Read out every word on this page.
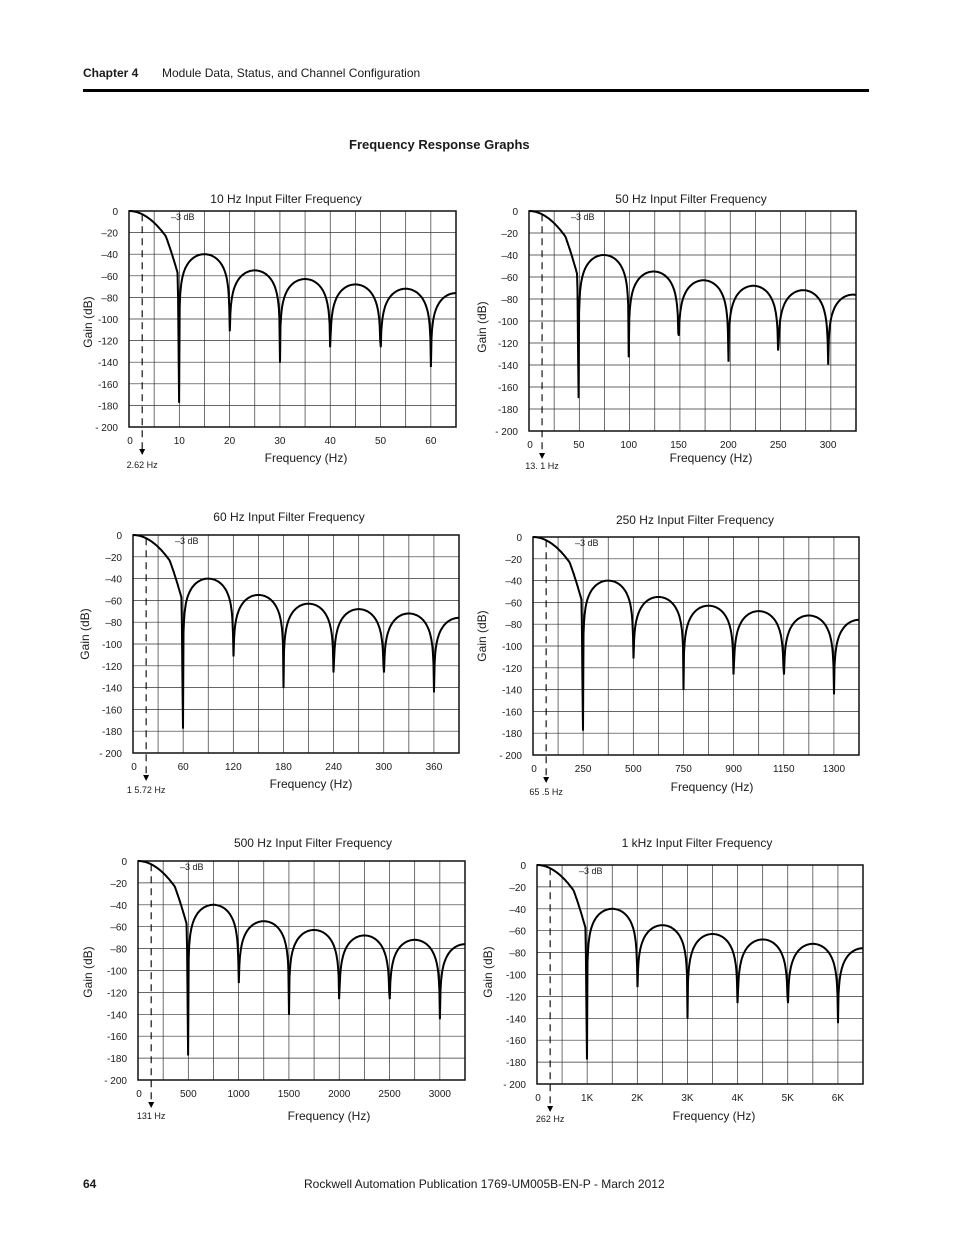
Chapter 4 Module Data, Status, and Channel Configuration
Frequency Response Graphs
10 Hz Input Filter Frequency
0
–20
–40
–60
–80
-100
-120
-140
-160
-180
- 200
0	10	20	30	40	50	60
Frequency (Hz)
Gain (dB)
–3 dB
2.62 Hz
50 Hz Input Filter Frequency
0
–20
–40
–60
–80
-100
-120
-140
-160
-180
- 200
0	50	100	150	200	250	300
Frequency (Hz)
Gain (dB)
–3 dB
13. 1 Hz
60 Hz Input Filter Frequency
0
–20
–40
–60
–80
-100
-120
-140
-160
-180
- 200
0	60	120	180	240	300	360
Frequency (Hz)
Gain (dB)
–3 dB
1 5.72 Hz
250 Hz Input Filter Frequency
0
–20
–40
–60
–80
-100
-120
-140
-160
-180
- 200
0	250	500	750	900	1150	1300
Frequency (Hz)
Gain (dB)
–3 dB
65 .5 Hz
500 Hz Input Filter Frequency
0
–20
–40
–60
–80
-100
-120
-140
-160
-180
- 200
0	500	1000	1500	2000	2500	3000
Frequency (Hz)
Gain (dB)
–3 dB
131 Hz
1 kHz Input Filter Frequency
0
–20
–40
–60
–80
-100
-120
-140
-160
-180
- 200
0	1K	2K	3K	4K	5K	6K
Frequency (Hz)
Gain (dB)
–3 dB
262 Hz
64	Rockwell Automation Publication 1769-UM005B-EN-P - March 2012
